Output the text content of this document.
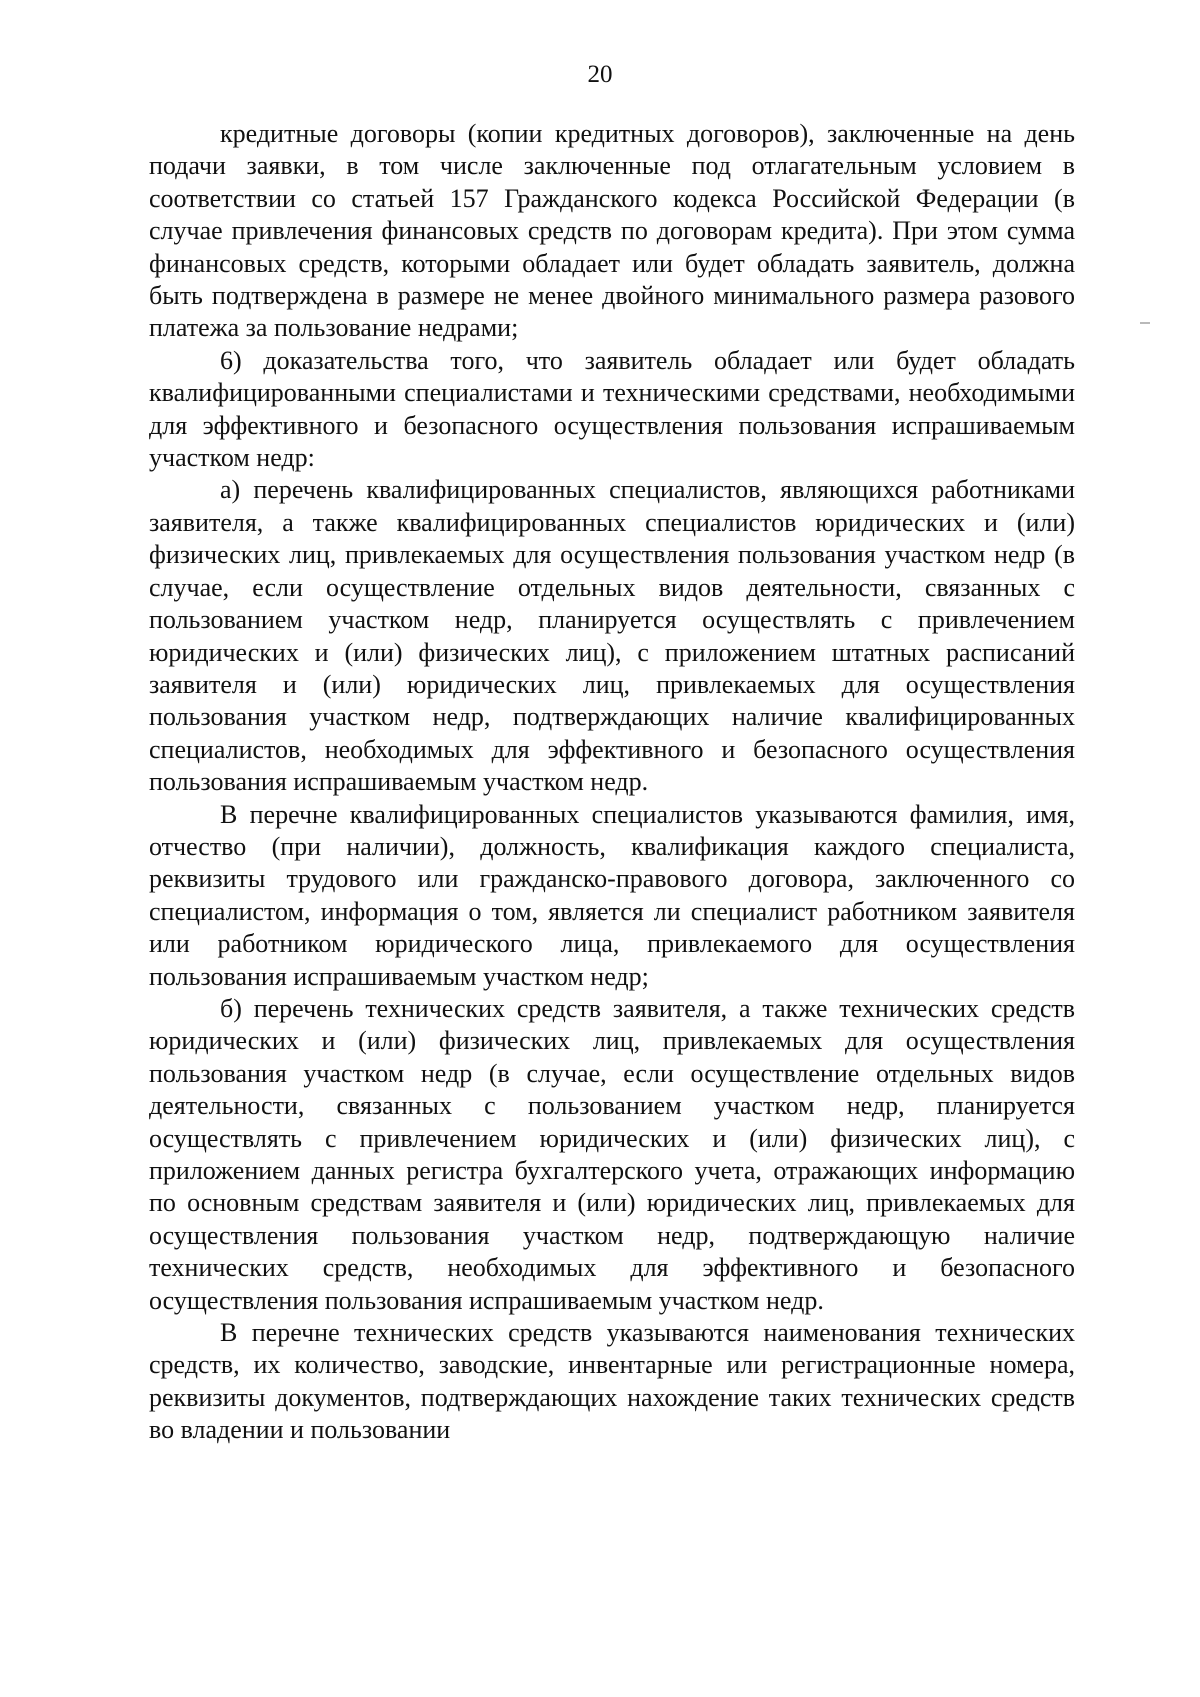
20

кредитные договоры (копии кредитных договоров), заключенные на день подачи заявки, в том числе заключенные под отлагательным условием в соответствии со статьей 157 Гражданского кодекса Российской Федерации (в случае привлечения финансовых средств по договорам кредита). При этом сумма финансовых средств, которыми обладает или будет обладать заявитель, должна быть подтверждена в размере не менее двойного минимального размера разового платежа за пользование недрами;

6) доказательства того, что заявитель обладает или будет обладать квалифицированными специалистами и техническими средствами, необходимыми для эффективного и безопасного осуществления пользования испрашиваемым участком недр:

а) перечень квалифицированных специалистов, являющихся работниками заявителя, а также квалифицированных специалистов юридических и (или) физических лиц, привлекаемых для осуществления пользования участком недр (в случае, если осуществление отдельных видов деятельности, связанных с пользованием участком недр, планируется осуществлять с привлечением юридических и (или) физических лиц), с приложением штатных расписаний заявителя и (или) юридических лиц, привлекаемых для осуществления пользования участком недр, подтверждающих наличие квалифицированных специалистов, необходимых для эффективного и безопасного осуществления пользования испрашиваемым участком недр.

В перечне квалифицированных специалистов указываются фамилия, имя, отчество (при наличии), должность, квалификация каждого специалиста, реквизиты трудового или гражданско-правового договора, заключенного со специалистом, информация о том, является ли специалист работником заявителя или работником юридического лица, привлекаемого для осуществления пользования испрашиваемым участком недр;

б) перечень технических средств заявителя, а также технических средств юридических и (или) физических лиц, привлекаемых для осуществления пользования участком недр (в случае, если осуществление отдельных видов деятельности, связанных с пользованием участком недр, планируется осуществлять с привлечением юридических и (или) физических лиц), с приложением данных регистра бухгалтерского учета, отражающих информацию по основным средствам заявителя и (или) юридических лиц, привлекаемых для осуществления пользования участком недр, подтверждающую наличие технических средств, необходимых для эффективного и безопасного осуществления пользования испрашиваемым участком недр.

В перечне технических средств указываются наименования технических средств, их количество, заводские, инвентарные или регистрационные номера, реквизиты документов, подтверждающих нахождение таких технических средств во владении и пользовании
